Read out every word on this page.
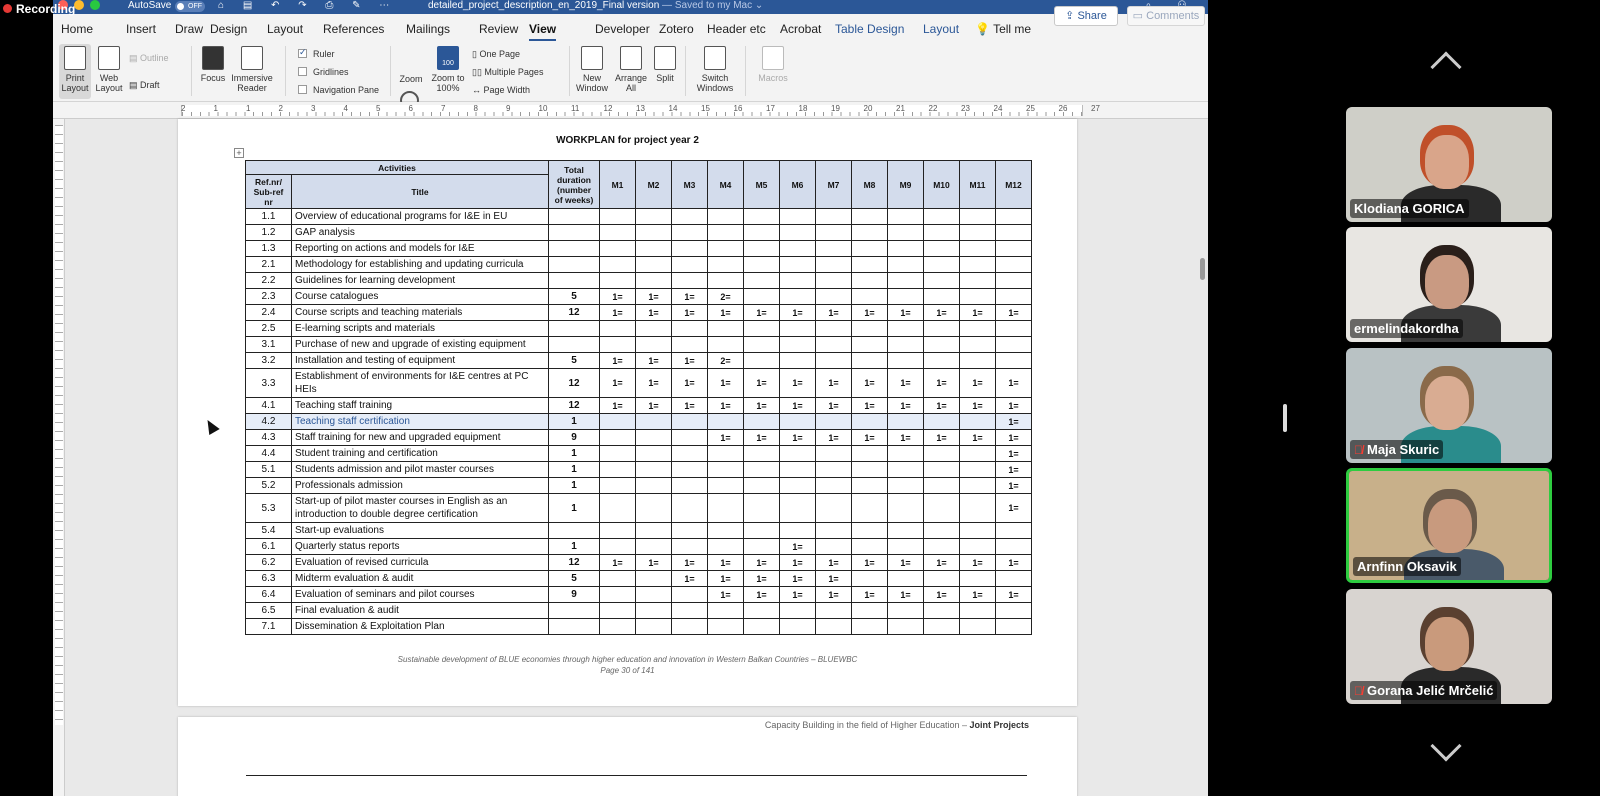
Recording	AutoSave	OFF	⌂ ▤ ↶ ↷ ⎙ ✎ ⋯	detailed_project_description_en_2019_Final version — Saved to my Mac ⌄
Home	Insert Draw Design Layout References Mailings Review View	Developer Zotero Header etc Acrobat Table Design Layout 💡 Tell me
⇪ Share	▭ Comments
Print Layout
Web Layout
▤ Outline
▤ Draft
Focus Immersive Reader
✓Ruler
Gridlines
Navigation Pane
Zoom
100
Zoom to 100%
▯ One Page
▯▯ Multiple Pages
↔ Page Width
New Window
Arrange All
Split	Switch Windows
Macros
2	1	1	2	3	4	5	6	7	8	9	10	11	12	13	14	15	16	17	18	19	20	21	22	23	24	25	26	27
WORKPLAN for project year 2
+
Activities		Total duration (number of weeks)	M1	M2	M3	M4	M5	M6	M7	M8	M9	M10	M11	M12
Ref.nr/ Sub-ref nr	Title													
1.1	Overview of educational programs for I&E in EU													
1.2	GAP analysis													
1.3	Reporting on actions and models for I&E													
2.1	Methodology for establishing and updating curricula													
2.2	Guidelines for learning development													
2.3	Course catalogues	5	1=	1=	1=	2=								
2.4	Course scripts and teaching materials	12	1=	1=	1=	1=	1=	1=	1=	1=	1=	1=	1=	1=
2.5	E-learning scripts and materials													
3.1	Purchase of new and upgrade of existing equipment													
3.2	Installation and testing of equipment	5	1=	1=	1=	2=								
3.3	Establishment of environments for I&E centres at PC HEIs	12	1=	1=	1=	1=	1=	1=	1=	1=	1=	1=	1=	1=
4.1	Teaching staff training	12	1=	1=	1=	1=	1=	1=	1=	1=	1=	1=	1=	1=
4.2	Teaching staff certification	1												1=
4.3	Staff training for new and upgraded equipment	9				1=	1=	1=	1=	1=	1=	1=	1=	1=
4.4	Student training and certification	1												1=
5.1	Students admission and pilot master courses	1												1=
5.2	Professionals admission	1												1=
5.3	Start-up of pilot master courses in English as an introduction to double degree certification	1												1=
5.4	Start-up evaluations													
6.1	Quarterly status reports	1						1=						
6.2	Evaluation of revised curricula	12	1=	1=	1=	1=	1=	1=	1=	1=	1=	1=	1=	1=
6.3	Midterm evaluation & audit	5			1=	1=	1=	1=	1=					
6.4	Evaluation of seminars and pilot courses	9				1=	1=	1=	1=	1=	1=	1=	1=	1=
6.5	Final evaluation & audit													
7.1	Dissemination & Exploitation Plan													
Sustainable development of BLUE economies through higher education and innovation in Western Balkan Countries – BLUEWBC
Page 30 of 141
Capacity Building in the field of Higher Education – Joint Projects
Klodiana GORICA
ermelindakordha
🎙̸ Maja Skuric
Arnfinn Oksavik
🎙̸ Gorana Jelić Mrčelić
